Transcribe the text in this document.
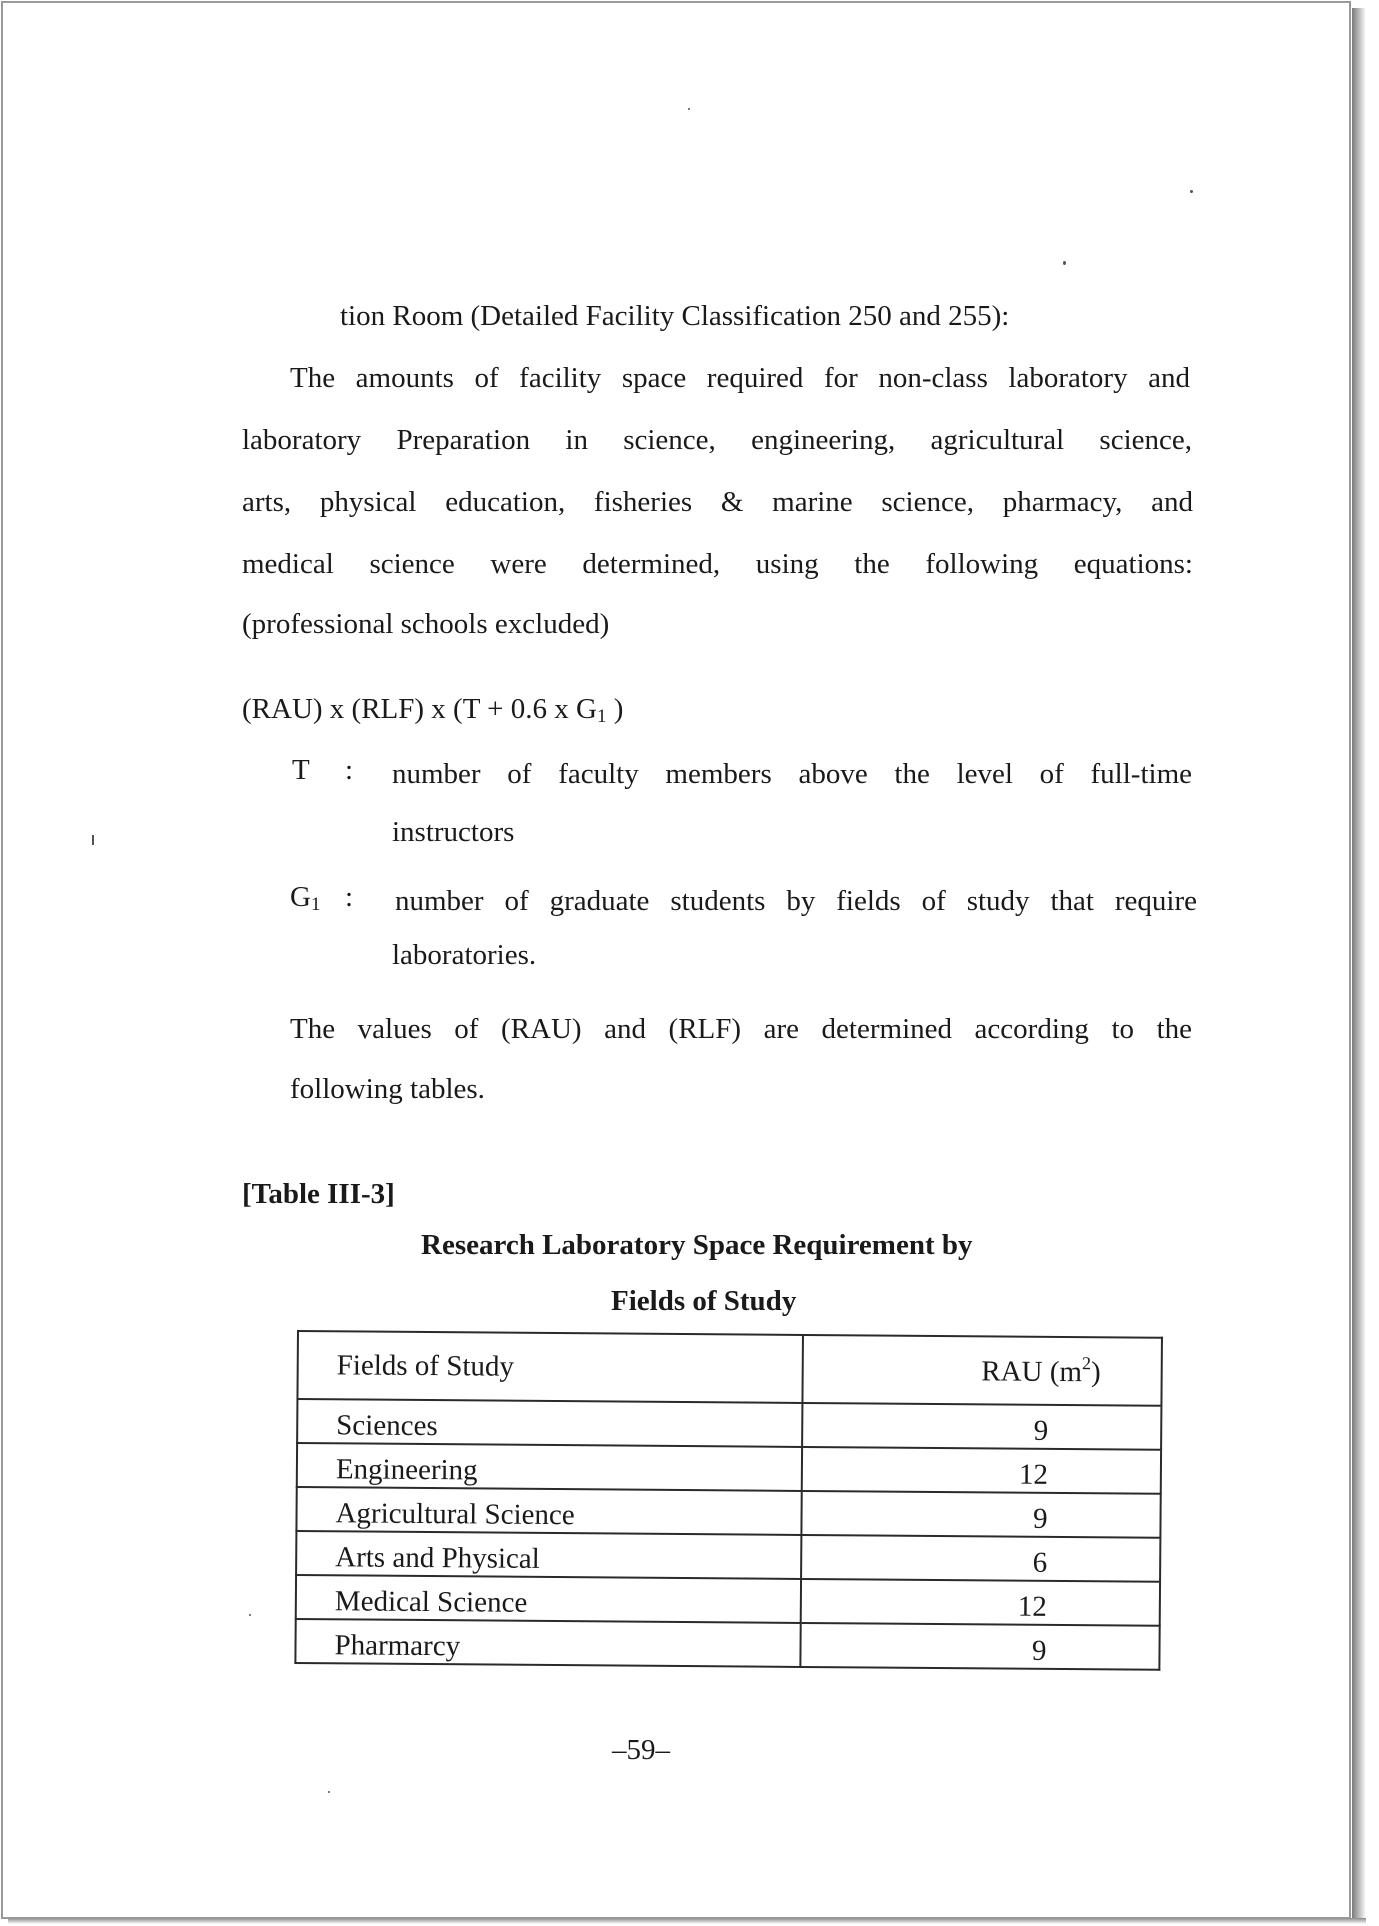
tion Room (Detailed Facility Classification 250 and 255):
The amounts of facility space required for non-class laboratory and
laboratory Preparation in science, engineering, agricultural science,
arts, physical education, fisheries & marine science, pharmacy, and
medical science were determined, using the following equations:
(professional schools excluded)
(RAU) x (RLF) x (T + 0.6 x $G_1$ )
T : number of faculty members above the level of full-time
instructors
$G_1$ : number of graduate students by fields of study that require
laboratories.
The values of (RAU) and (RLF) are determined according to the
following tables.
[Table III-3]
Research Laboratory Space Requirement by
Fields of Study
Fields of Study	RAU $(m^2)$
Sciences	9
Engineering	12
Agricultural Science	9
Arts and Physical	6
Medical Science	12
Pharmarcy	9
–59–
